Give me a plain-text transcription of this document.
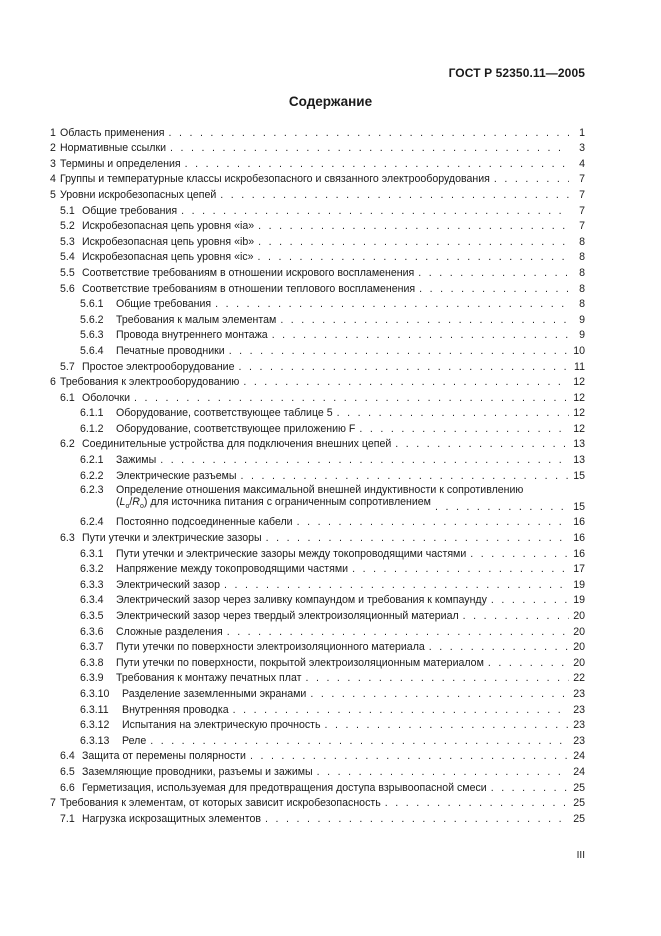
ГОСТ Р 52350.11—2005
Содержание
1 Область применения . . .	1
2 Нормативные ссылки . . .	3
3 Термины и определения . . .	4
4 Группы и температурные классы искробезопасного и связанного электрооборудования . . .	7
5 Уровни искробезопасных цепей . . .	7
5.1 Общие требования . . .	7
5.2 Искробезопасная цепь уровня «ia» . . .	7
5.3 Искробезопасная цепь уровня «ib» . . .	8
5.4 Искробезопасная цепь уровня «ic» . . .	8
5.5 Соответствие требованиям в отношении искрового воспламенения . . .	8
5.6 Соответствие требованиям в отношении теплового воспламенения . . .	8
5.6.1	Общие требования . . .	8
5.6.2	Требования к малым элементам . . .	9
5.6.3	Провода внутреннего монтажа . . .	9
5.6.4	Печатные проводники . . .	10
5.7 Простое электрооборудование . . .	11
6 Требования к электрооборудованию . . .	12
6.1 Оболочки . . .	12
6.1.1	Оборудование, соответствующее таблице 5 . . .	12
6.1.2	Оборудование, соответствующее приложению F . . .	12
6.2 Соединительные устройства для подключения внешних цепей . . .	13
6.2.1	Зажимы . . .	13
6.2.2	Электрические разъемы . . .	15
6.2.3	Определение отношения максимальной внешней индуктивности к сопротивлению
$(L_o/R_o)$ для источника питания с ограниченным сопротивлением . . .	15
6.2.4	Постоянно подсоединенные кабели . . .	16
6.3 Пути утечки и электрические зазоры . . .	16
6.3.1	Пути утечки и электрические зазоры между токопроводящими частями . . .	16
6.3.2	Напряжение между токопроводящими частями . . .	17
6.3.3	Электрический зазор . . .	19
6.3.4	Электрический зазор через заливку компаундом и требования к компаунду . . .	19
6.3.5	Электрический зазор через твердый электроизоляционный материал . . .	20
6.3.6	Сложные разделения . . .	20
6.3.7	Пути утечки по поверхности электроизоляционного материала . . .	20
6.3.8	Пути утечки по поверхности, покрытой электроизоляционным материалом . . .	20
6.3.9	Требования к монтажу печатных плат . . .	22
6.3.10	Разделение заземленными экранами . . .	23
6.3.11	Внутренняя проводка . . .	23
6.3.12	Испытания на электрическую прочность . . .	23
6.3.13	Реле . . .	23
6.4 Защита от перемены полярности . . .	24
6.5 Заземляющие проводники, разъемы и зажимы . . .	24
6.6 Герметизация, используемая для предотвращения доступа взрывоопасной смеси . . .	25
7 Требования к элементам, от которых зависит искробезопасность . . .	25
7.1 Нагрузка искрозащитных элементов . . .	25
III
